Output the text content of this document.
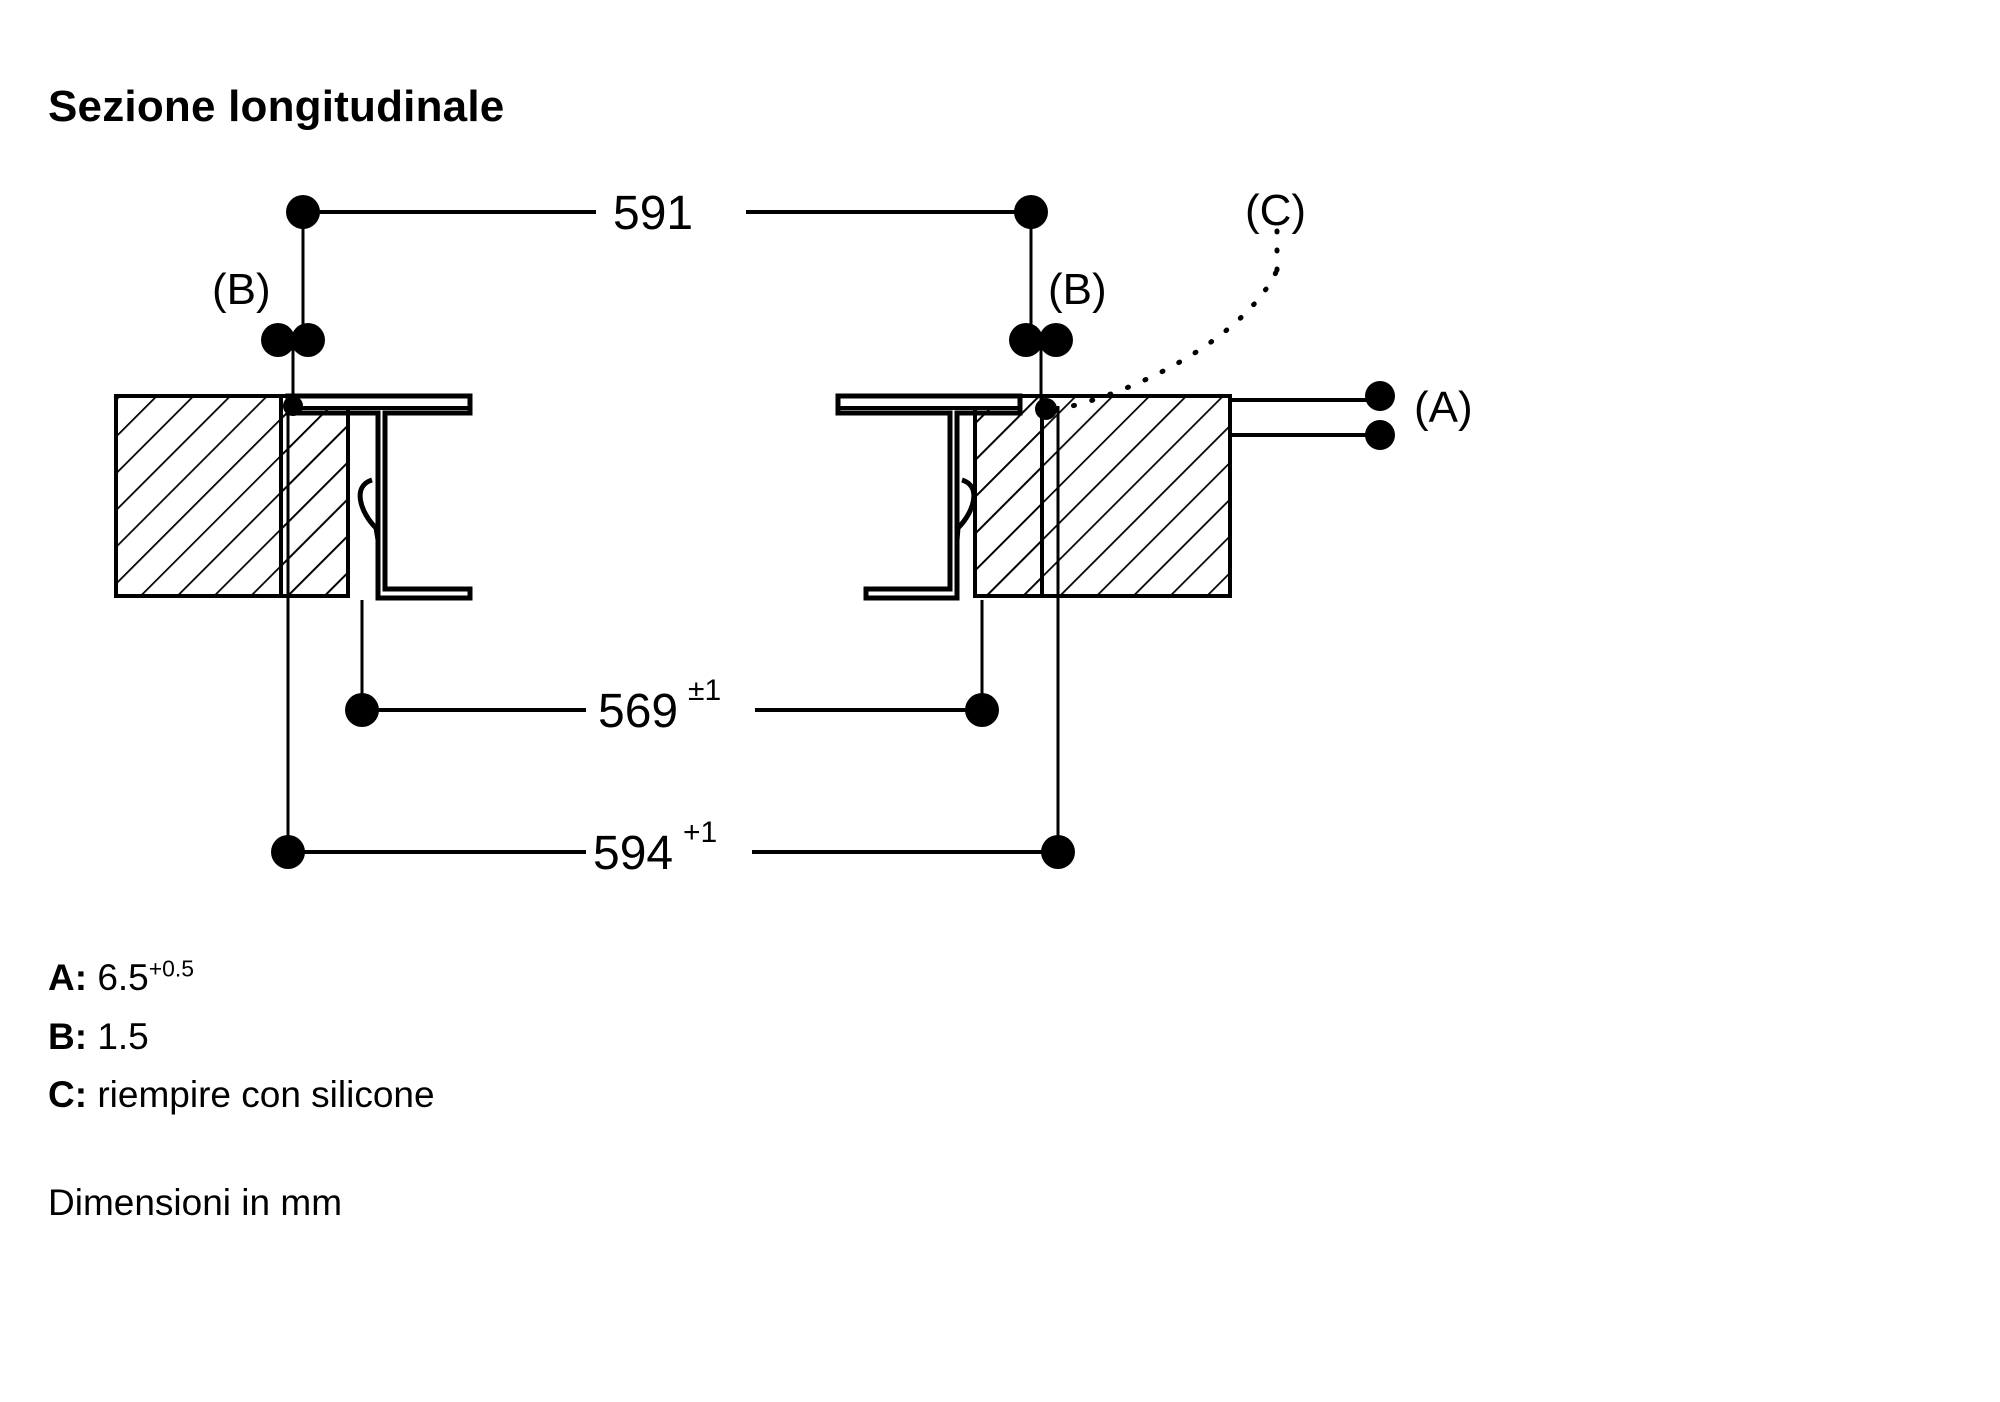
Sezione longitudinale
(A)
(C)
(B)	(B)
591
569 ±1
594 +1
A: $6.5^{+0.5}$
B: 1.5
C: riempire con silicone
Dimensioni in mm
